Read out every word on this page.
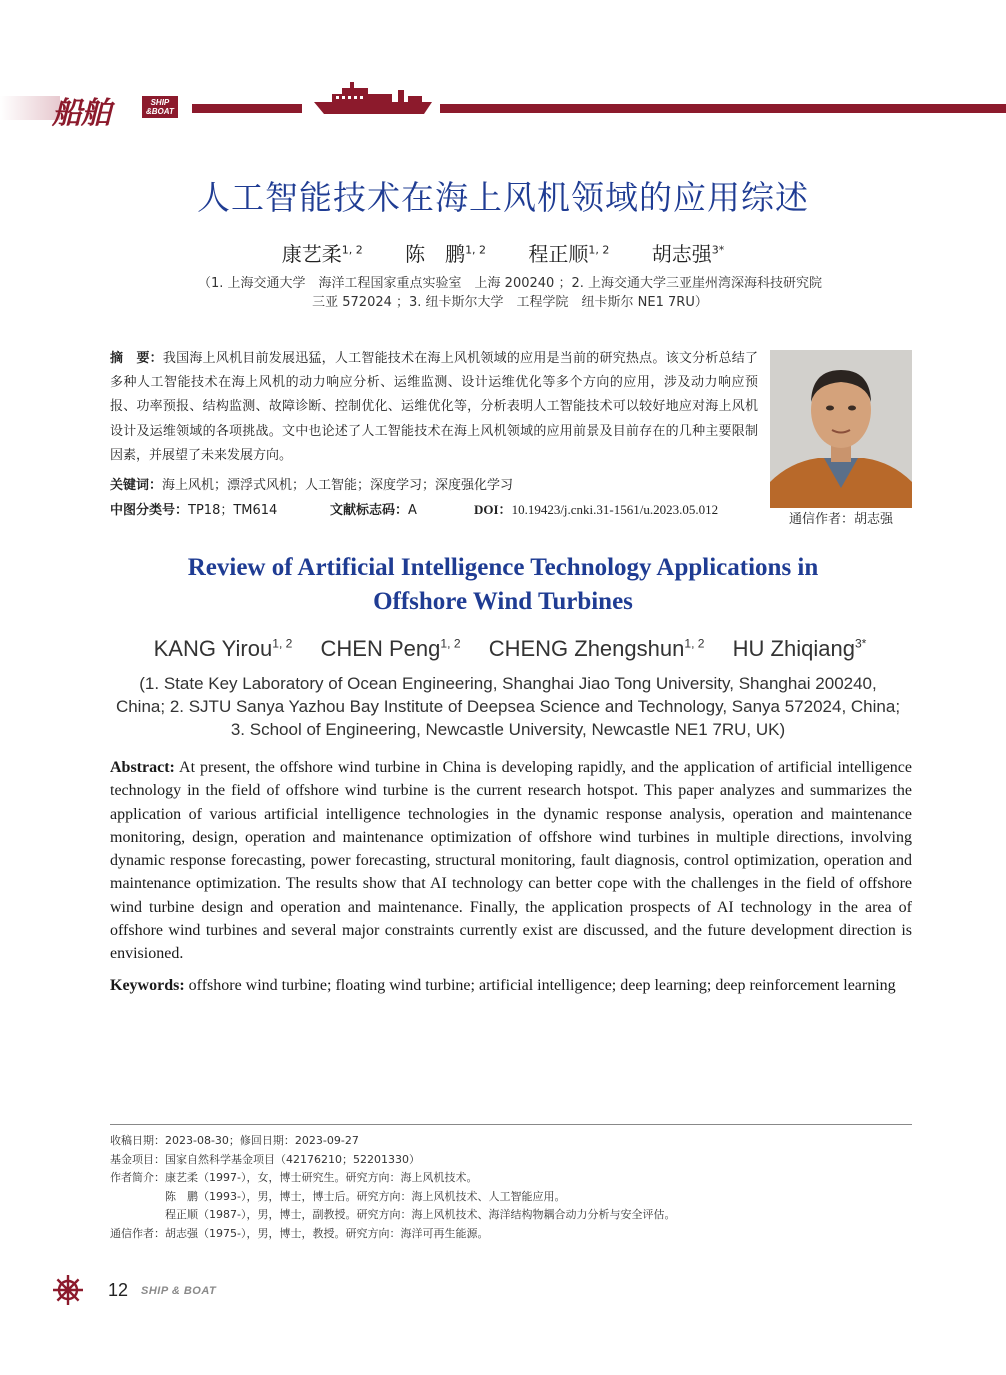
船舶	SHIP
&BOAT
人工智能技术在海上风机领域的应用综述
康艺柔$^{1, 2}$ 陈　鹏$^{1, 2}$ 程正顺$^{1, 2}$ 胡志强$^{3*}$
（1. 上海交通大学　海洋工程国家重点实验室　上海 200240 ；2. 上海交通大学三亚崖州湾深海科技研究院
三亚 572024 ；3. 纽卡斯尔大学　工程学院　纽卡斯尔 NE1 7RU）
摘　要：我国海上风机目前发展迅猛，人工智能技术在海上风机领域的应用是当前的研究热点。该文分析总结了多种人工智能技术在海上风机的动力响应分析、运维监测、设计运维优化等多个方向的应用，涉及动力响应预报、功率预报、结构监测、故障诊断、控制优化、运维优化等，分析表明人工智能技术可以较好地应对海上风机设计及运维领域的各项挑战。文中也论述了人工智能技术在海上风机领域的应用前景及目前存在的几种主要限制因素，并展望了未来发展方向。
关键词：海上风机；漂浮式风机；人工智能；深度学习；深度强化学习
中图分类号：TP18；TM614	文献标志码：A	DOI：10.19423/j.cnki.31-1561/u.2023.05.012
通信作者：胡志强
Review of Artificial Intelligence Technology Applications in
Offshore Wind Turbines
KANG Yirou$^{1, 2}$ CHEN Peng$^{1, 2}$ CHENG Zhengshun$^{1, 2}$ HU Zhiqiang$^{3*}$
(1. State Key Laboratory of Ocean Engineering, Shanghai Jiao Tong University, Shanghai 200240,
China; 2. SJTU Sanya Yazhou Bay Institute of Deepsea Science and Technology, Sanya 572024, China;
3. School of Engineering, Newcastle University, Newcastle NE1 7RU, UK)
Abstract: At present, the offshore wind turbine in China is developing rapidly, and the application of artificial intelligence technology in the field of offshore wind turbine is the current research hotspot. This paper analyzes and summarizes the application of various artificial intelligence technologies in the dynamic response analysis, operation and maintenance monitoring, design, operation and maintenance optimization of offshore wind turbines in multiple directions, involving dynamic response forecasting, power forecasting, structural monitoring, fault diagnosis, control optimization, operation and maintenance optimization. The results show that AI technology can better cope with the challenges in the field of offshore wind turbine design and operation and maintenance. Finally, the application prospects of AI technology in the area of offshore wind turbines and several major constraints currently exist are discussed, and the future development direction is envisioned.
Keywords: offshore wind turbine; floating wind turbine; artificial intelligence; deep learning; deep reinforcement learning
收稿日期： 2023-08-30；修回日期：2023-09-27
基金项目： 国家自然科学基金项目（42176210；52201330）
作者简介： 康艺柔（1997-），女，博士研究生。研究方向：海上风机技术。
陈　鹏（1993-），男，博士，博士后。研究方向：海上风机技术、人工智能应用。
程正顺（1987-），男，博士，副教授。研究方向：海上风机技术、海洋结构物耦合动力分析与安全评估。
通信作者： 胡志强（1975-），男，博士，教授。研究方向：海洋可再生能源。
12 SHIP & BOAT
